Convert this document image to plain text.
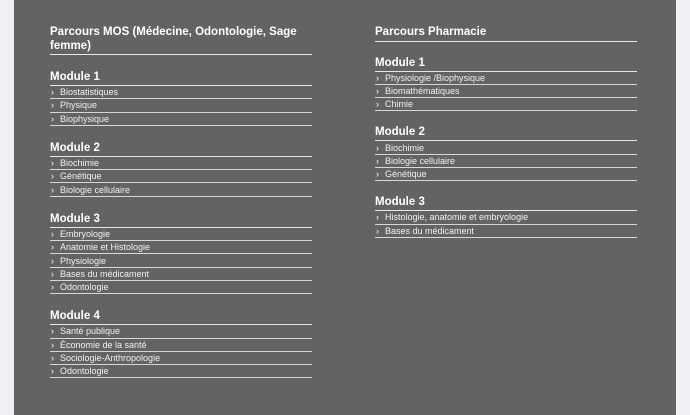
Parcours MOS (Médecine, Odontologie, Sage femme)
Module 1
› Biostatistiques
› Physique
› Biophysique
Module 2
› Biochimie
› Génétique
› Biologie cellulaire
Module 3
› Embryologie
› Anatomie et Histologie
› Physiologie
› Bases du médicament
› Odontologie
Module 4
› Santé publique
› Économie de la santé
› Sociologie-Anthropologie
› Odontologie
Parcours Pharmacie
Module 1
› Physiologie /Biophysique
› Biomathématiques
› Chimie
Module 2
› Biochimie
› Biologie cellulaire
› Génétique
Module 3
› Histologie, anatomie et embryologie
› Bases du médicament
